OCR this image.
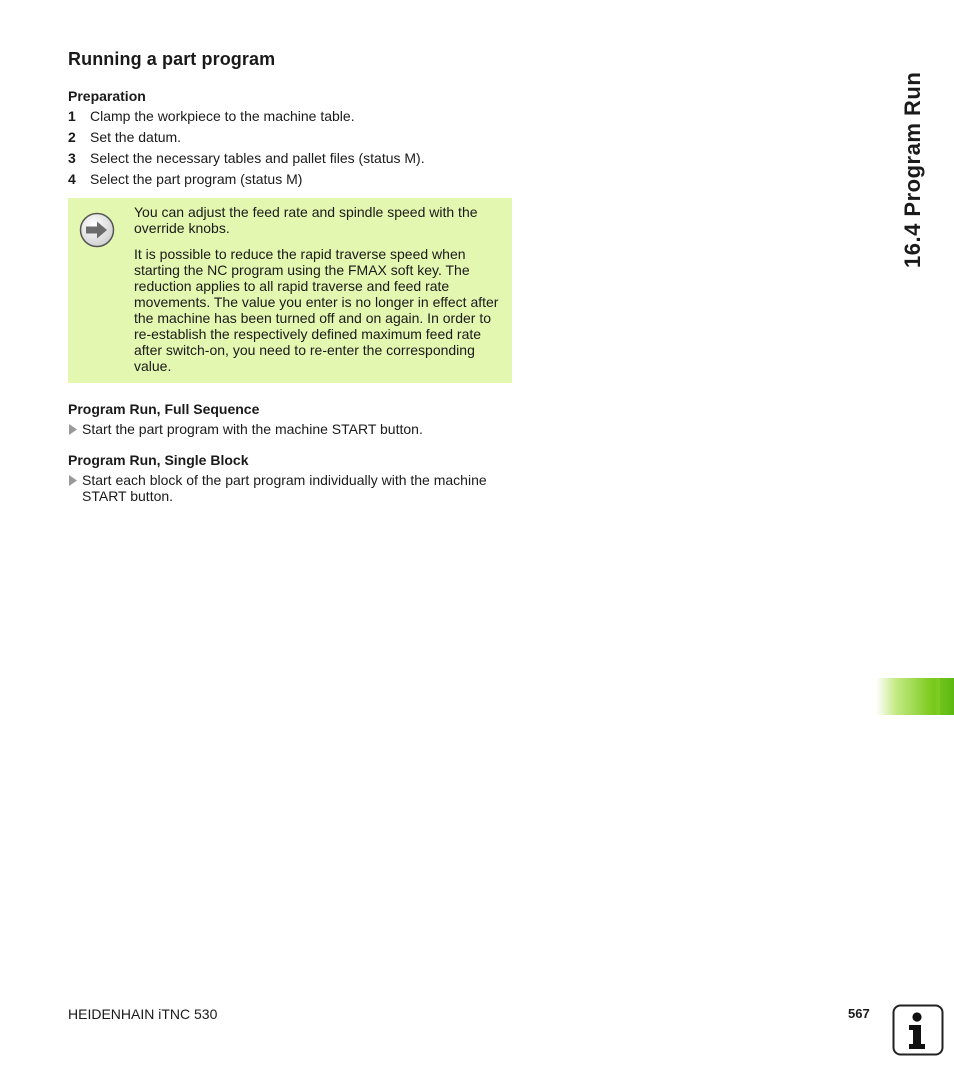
Running a part program
Preparation
1	Clamp the workpiece to the machine table.
2	Set the datum.
3	Select the necessary tables and pallet files (status M).
4	Select the part program (status M)

You can adjust the feed rate and spindle speed with the override knobs.

It is possible to reduce the rapid traverse speed when starting the NC program using the FMAX soft key. The reduction applies to all rapid traverse and feed rate movements. The value you enter is no longer in effect after the machine has been turned off and on again. In order to re-establish the respectively defined maximum feed rate after switch-on, you need to re-enter the corresponding value.

Program Run, Full Sequence
Start the part program with the machine START button.
Program Run, Single Block
Start each block of the part program individually with the machine START button.
16.4 Program Run
HEIDENHAIN iTNC 530	567
